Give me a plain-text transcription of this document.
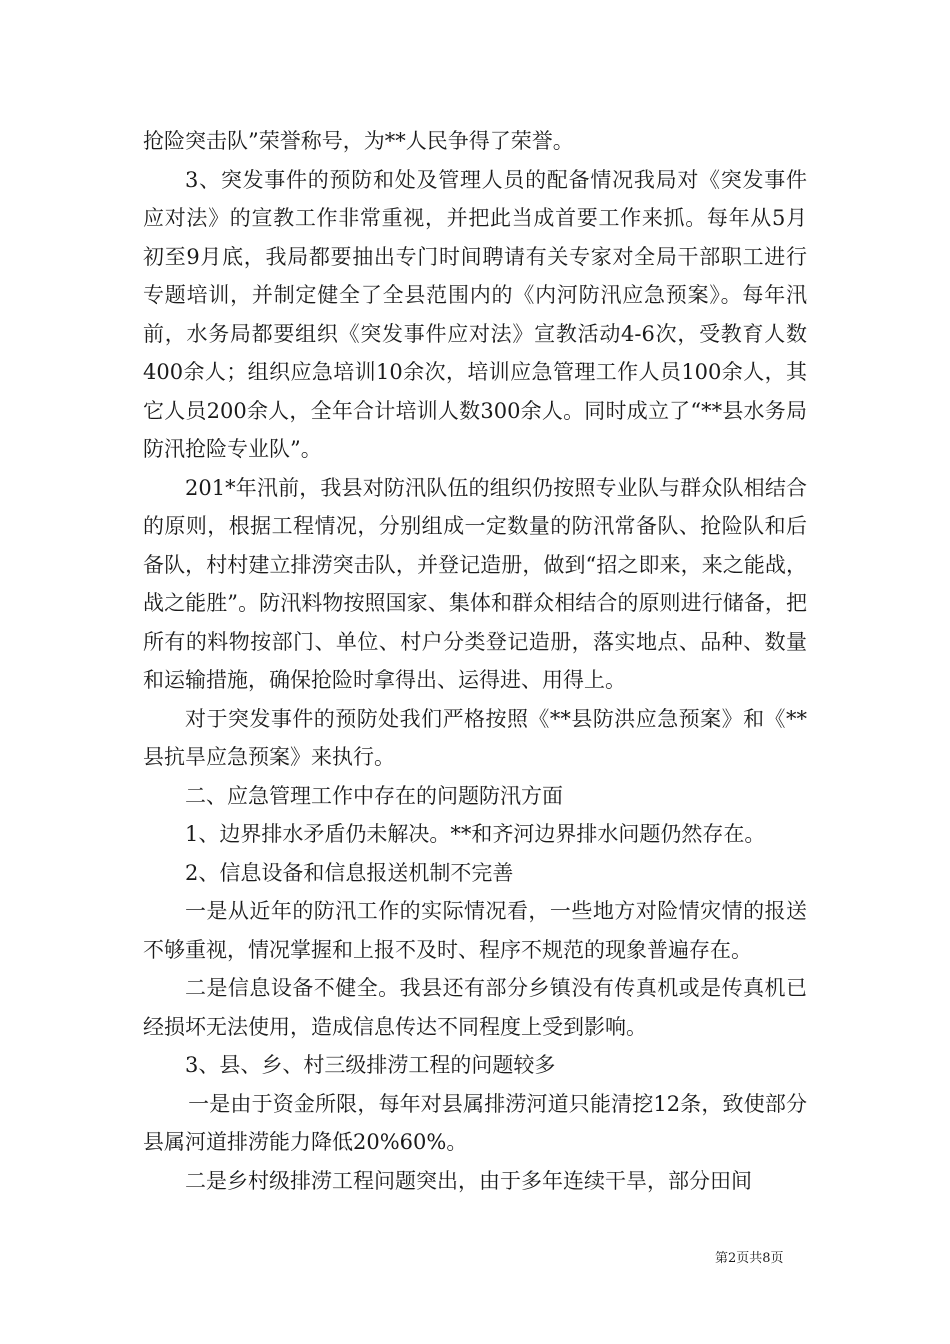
抢险突击队”荣誉称号，为**人民争得了荣誉。

3、突发事件的预防和处及管理人员的配备情况我局对《突发事件应对法》的宣教工作非常重视，并把此当成首要工作来抓。每年从5月初至9月底，我局都要抽出专门时间聘请有关专家对全局干部职工进行专题培训，并制定健全了全县范围内的《内河防汛应急预案》。每年汛前，水务局都要组织《突发事件应对法》宣教活动4-6次，受教育人数400余人；组织应急培训10余次，培训应急管理工作人员100余人，其它人员200余人，全年合计培训人数300余人。同时成立了“**县水务局防汛抢险专业队”。

201*年汛前，我县对防汛队伍的组织仍按照专业队与群众队相结合的原则，根据工程情况，分别组成一定数量的防汛常备队、抢险队和后备队，村村建立排涝突击队，并登记造册，做到“招之即来，来之能战，战之能胜”。防汛料物按照国家、集体和群众相结合的原则进行储备，把所有的料物按部门、单位、村户分类登记造册，落实地点、品种、数量和运输措施，确保抢险时拿得出、运得进、用得上。

对于突发事件的预防处我们严格按照《**县防洪应急预案》和《**县抗旱应急预案》来执行。

二、应急管理工作中存在的问题防汛方面

1、边界排水矛盾仍未解决。**和齐河边界排水问题仍然存在。

2、信息设备和信息报送机制不完善

一是从近年的防汛工作的实际情况看，一些地方对险情灾情的报送不够重视，情况掌握和上报不及时、程序不规范的现象普遍存在。

二是信息设备不健全。我县还有部分乡镇没有传真机或是传真机已经损坏无法使用，造成信息传达不同程度上受到影响。

3、县、乡、村三级排涝工程的问题较多

一是由于资金所限，每年对县属排涝河道只能清挖12条，致使部分县属河道排涝能力降低20%60%。

二是乡村级排涝工程问题突出，由于多年连续干旱，部分田间

第2页共8页
